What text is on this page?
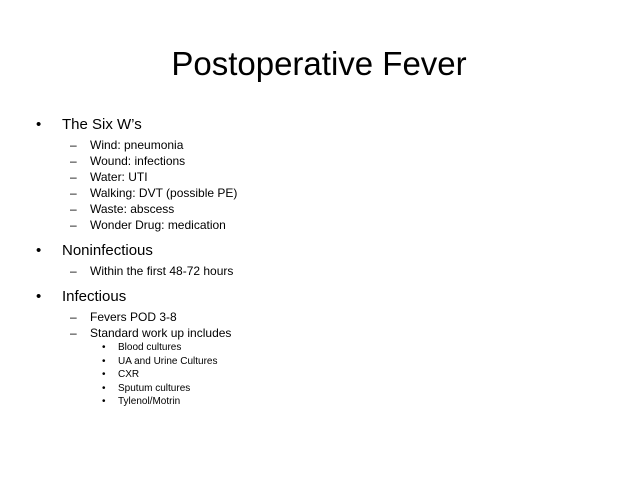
Postoperative Fever
• The Six W’s
– Wind: pneumonia
– Wound: infections
– Water: UTI
– Walking: DVT (possible PE)
– Waste: abscess
– Wonder Drug: medication
• Noninfectious
– Within the first 48-72 hours
• Infectious
– Fevers POD 3-8
– Standard work up includes
• Blood cultures
• UA and Urine Cultures
• CXR
• Sputum cultures
• Tylenol/Motrin
